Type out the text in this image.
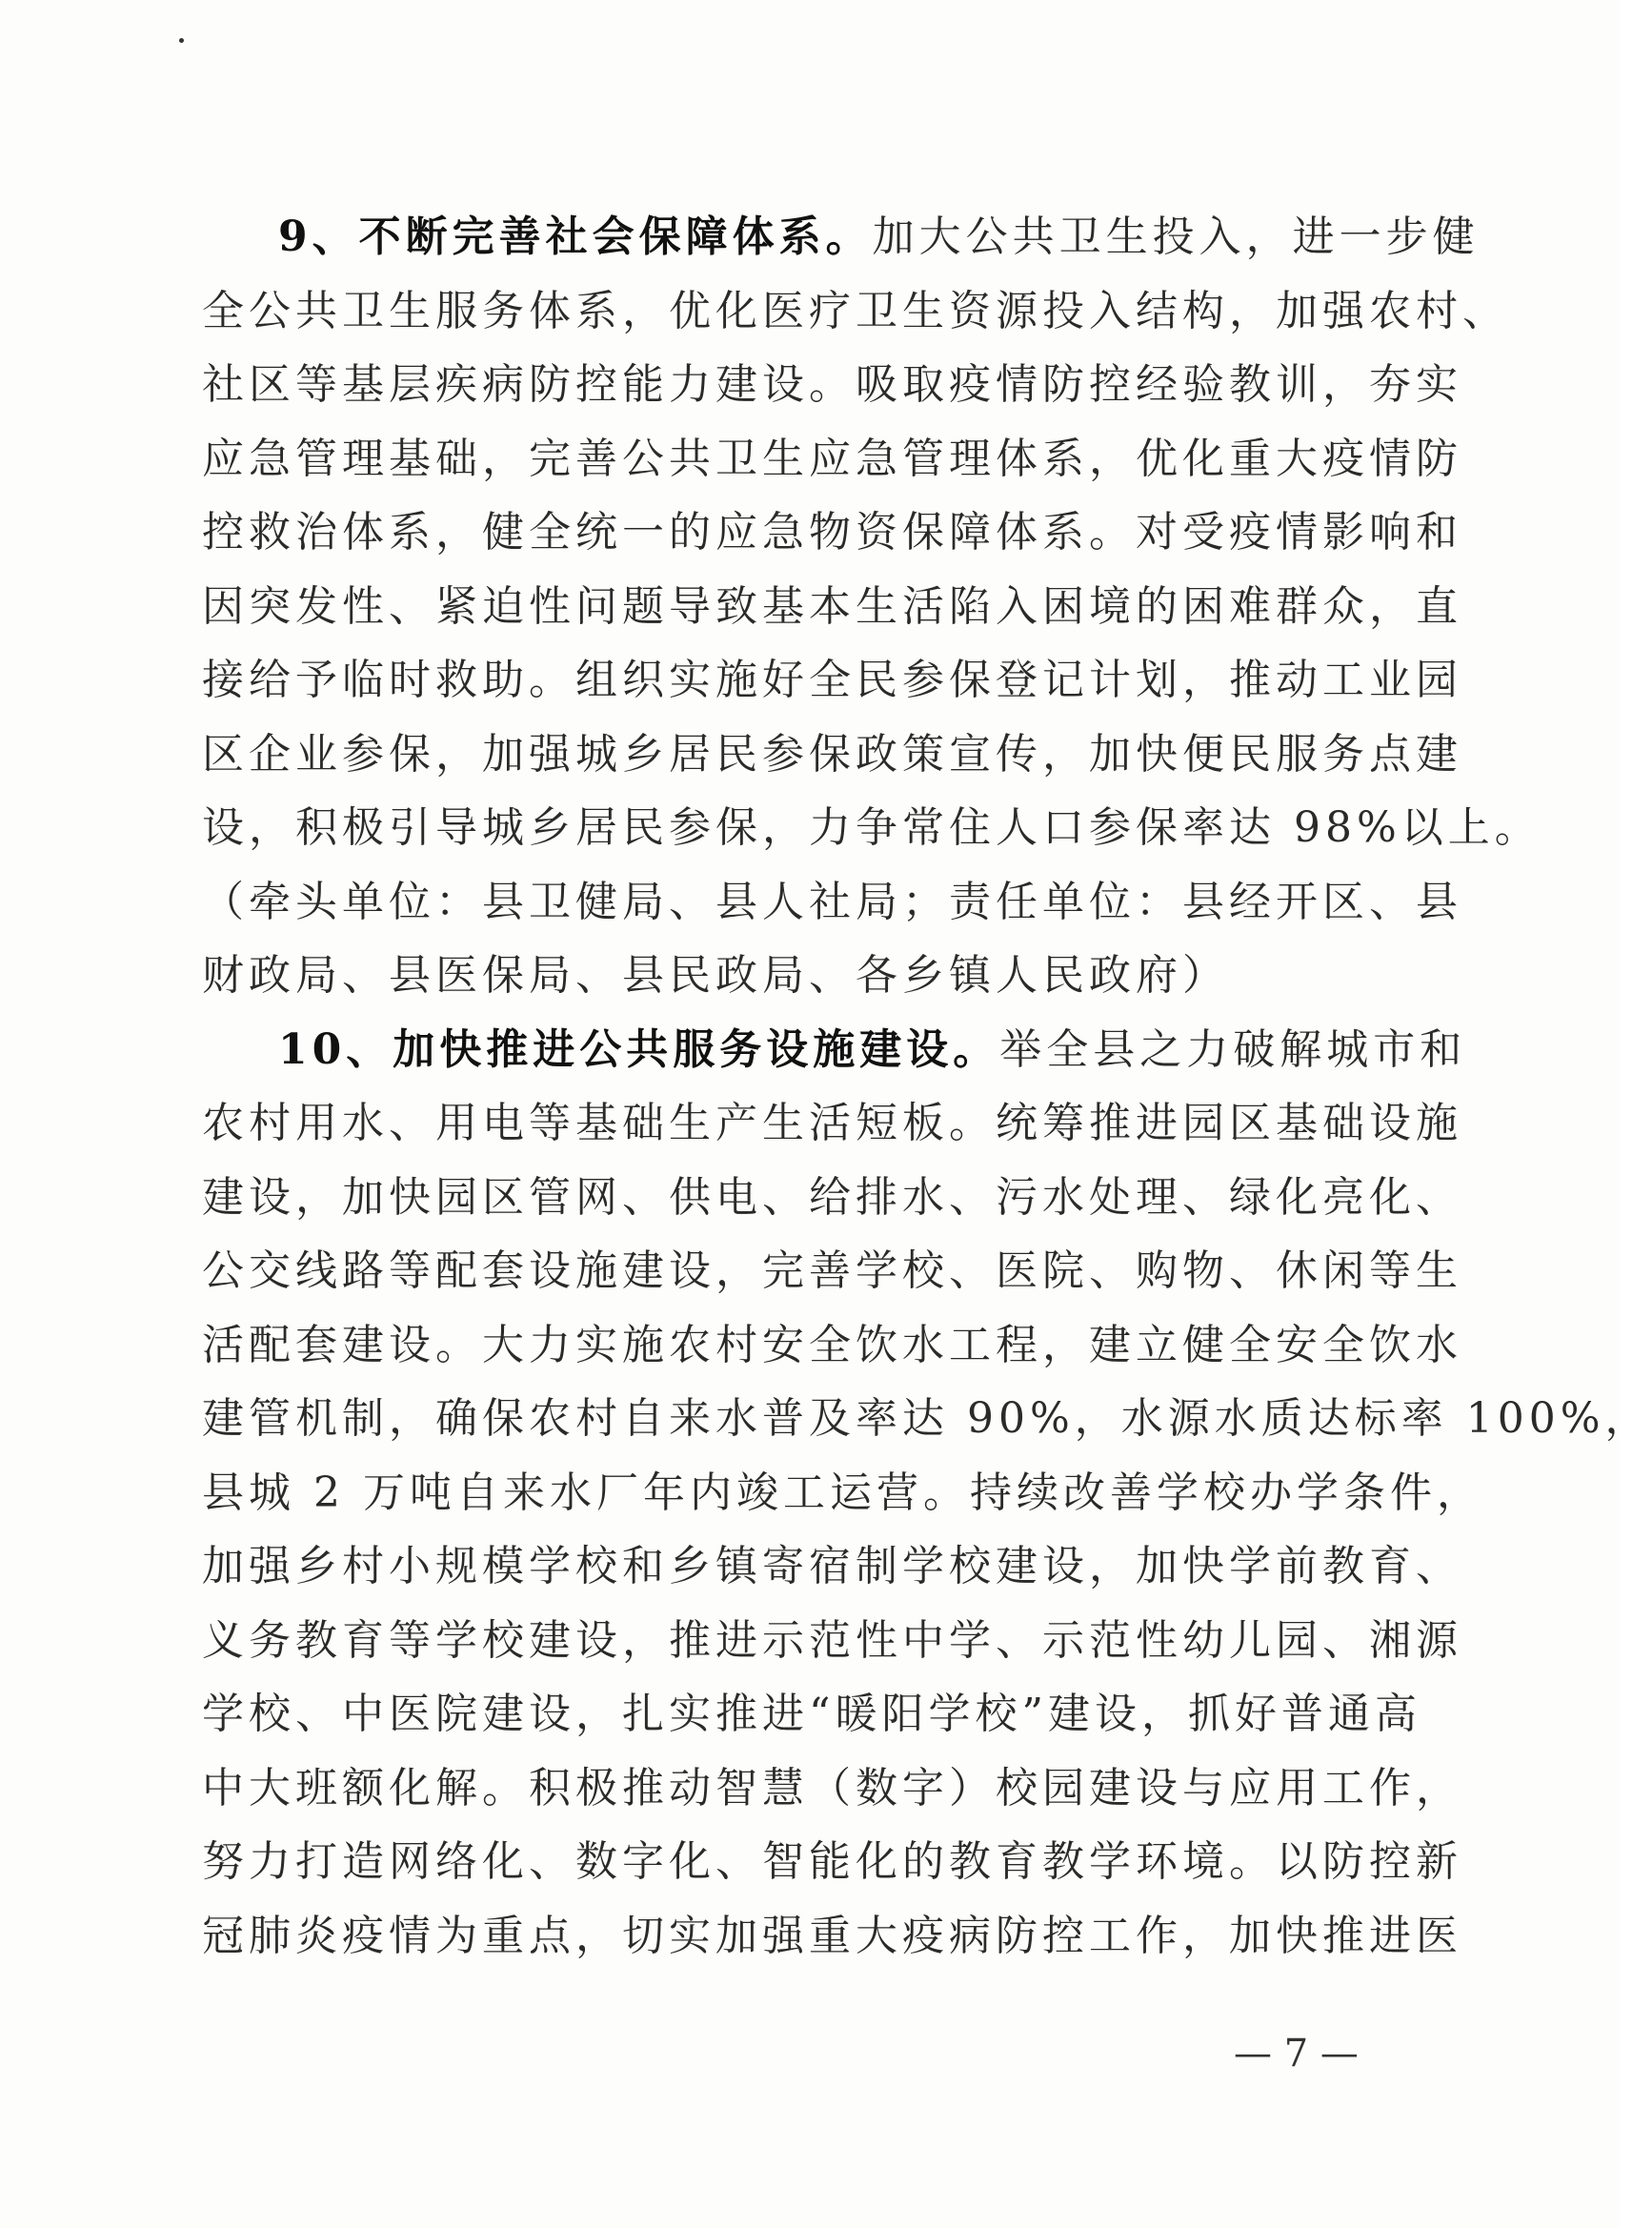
9、不断完善社会保障体系。加大公共卫生投入，进一步健
全公共卫生服务体系，优化医疗卫生资源投入结构，加强农村、
社区等基层疾病防控能力建设。吸取疫情防控经验教训，夯实
应急管理基础，完善公共卫生应急管理体系，优化重大疫情防
控救治体系，健全统一的应急物资保障体系。对受疫情影响和
因突发性、紧迫性问题导致基本生活陷入困境的困难群众，直
接给予临时救助。组织实施好全民参保登记计划，推动工业园
区企业参保，加强城乡居民参保政策宣传，加快便民服务点建
设，积极引导城乡居民参保，力争常住人口参保率达 98%以上。
（牵头单位：县卫健局、县人社局；责任单位：县经开区、县
财政局、县医保局、县民政局、各乡镇人民政府）
10、加快推进公共服务设施建设。举全县之力破解城市和
农村用水、用电等基础生产生活短板。统筹推进园区基础设施
建设，加快园区管网、供电、给排水、污水处理、绿化亮化、
公交线路等配套设施建设，完善学校、医院、购物、休闲等生
活配套建设。大力实施农村安全饮水工程，建立健全安全饮水
建管机制，确保农村自来水普及率达 90%，水源水质达标率 100%，
县城 2 万吨自来水厂年内竣工运营。持续改善学校办学条件，
加强乡村小规模学校和乡镇寄宿制学校建设，加快学前教育、
义务教育等学校建设，推进示范性中学、示范性幼儿园、湘源
学校、中医院建设，扎实推进“暖阳学校”建设，抓好普通高
中大班额化解。积极推动智慧（数字）校园建设与应用工作，
努力打造网络化、数字化、智能化的教育教学环境。以防控新
冠肺炎疫情为重点，切实加强重大疫病防控工作，加快推进医
— 7 —
